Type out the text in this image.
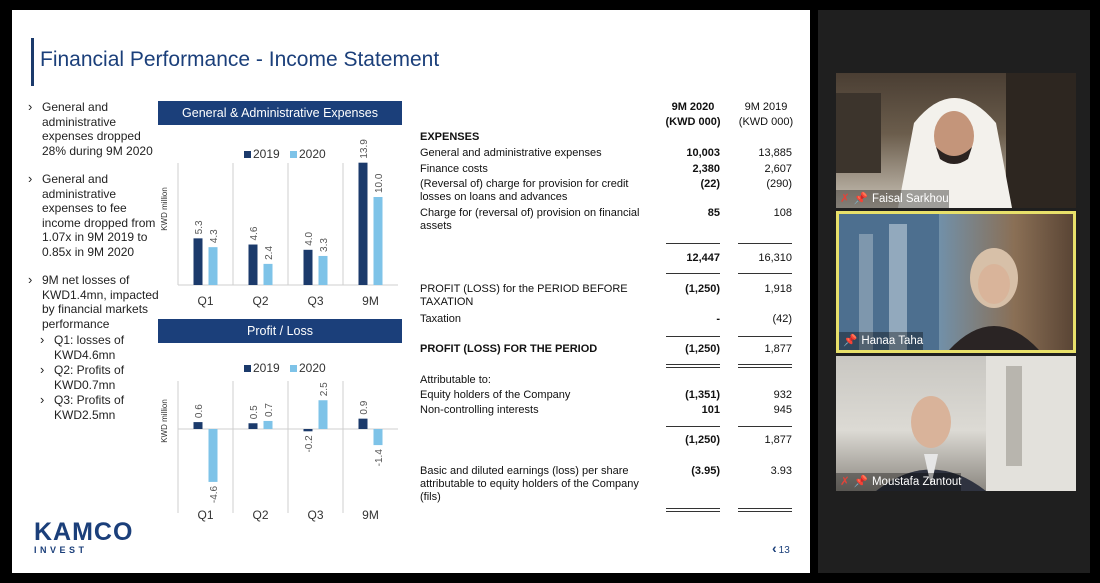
Financial Performance - Income Statement
› General and administrative expenses dropped 28% during 9M 2020
› General and administrative expenses to fee income dropped from 1.07x in 9M 2019 to 0.85x in 9M 2020
› 9M net losses of KWD1.4mn, impacted by financial markets performance
› Q1: losses of KWD4.6mn
› Q2: Profits of KWD0.7mn
› Q3: Profits of KWD2.5mn
KAMCO
INVEST
General & Administrative Expenses
2019 2020
KWD million	5.3
4.3
Q1
4.6
2.4
Q2
4.0 3.3
Q3
13.9
10.0
9M
Profit / Loss
2019 2020
KWD million	0.6
-4.6
Q1
0.5 0.7
Q2
-0.2
2.5
Q3
0.9
-1.4
9M
9M 2020
(KWD 000)
9M 2019
(KWD 000)
EXPENSES
General and administrative expenses	10,003	13,885
Finance costs	2,380	2,607
(Reversal of) charge for provision for credit losses on loans and advances
(22)	(290)
Charge for (reversal of) provision on financial assets
85	108
12,447	16,310
PROFIT (LOSS) for the PERIOD BEFORE TAXATION
(1,250)	1,918
Taxation	-	(42)
PROFIT (LOSS) FOR THE PERIOD	(1,250)	1,877
Attributable to:
Equity holders of the Company	(1,351)	932
Non-controlling interests	101	945
(1,250)	1,877
Basic and diluted earnings (loss) per share attributable to equity holders of the Company (fils)
(3.95)	3.93
‹ 13
✗ 📌 Faisal Sarkhou
📌 Hanaa Taha
✗ 📌 Moustafa Zantout
